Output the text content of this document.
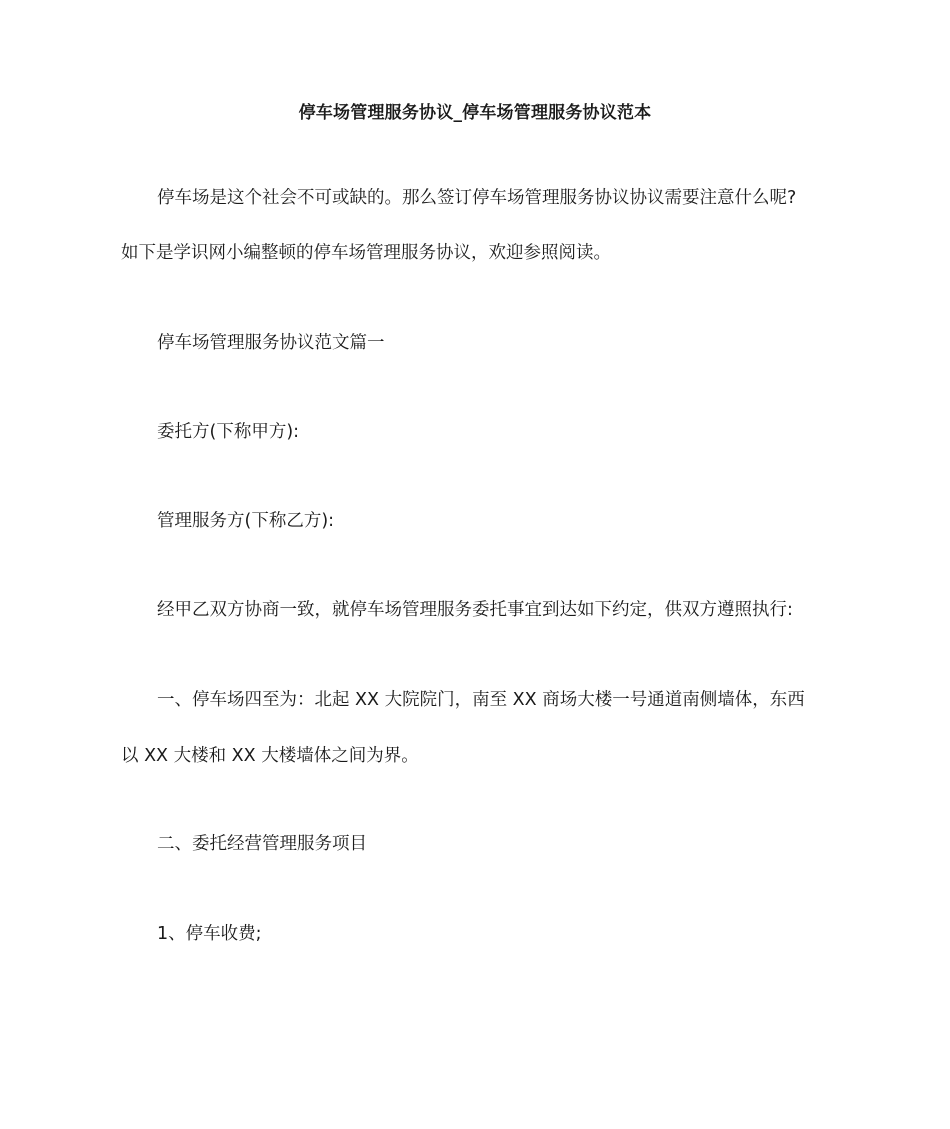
停车场管理服务协议_停车场管理服务协议范本
停车场是这个社会不可或缺的。那么签订停车场管理服务协议协议需要注意什么呢?
如下是学识网小编整顿的停车场管理服务协议，欢迎参照阅读。
停车场管理服务协议范文篇一
委托方(下称甲方):
管理服务方(下称乙方):
经甲乙双方协商一致，就停车场管理服务委托事宜到达如下约定，供双方遵照执行:
一、停车场四至为：北起 XX 大院院门，南至 XX 商场大楼一号通道南侧墙体，东西
以 XX 大楼和 XX 大楼墙体之间为界。
二、委托经营管理服务项目
1、停车收费;
